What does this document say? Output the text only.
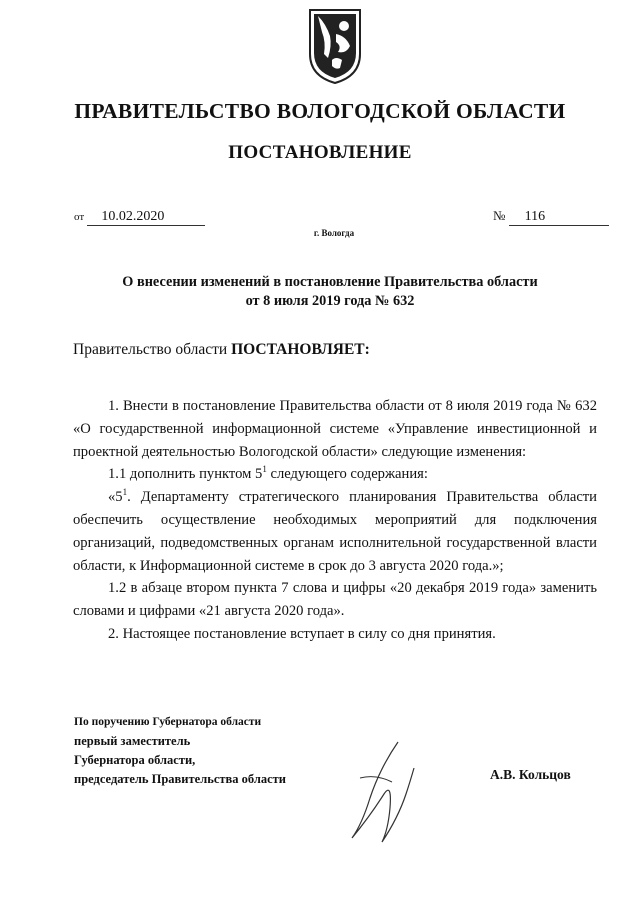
ПРАВИТЕЛЬСТВО ВОЛОГОДСКОЙ ОБЛАСТИ
ПОСТАНОВЛЕНИЕ
от 10.02.2020	№ 116
г. Вологда
О внесении изменений в постановление Правительства области
от 8 июля 2019 года № 632
Правительство области ПОСТАНОВЛЯЕТ:

1. Внести в постановление Правительства области от 8 июля 2019 года № 632 «О государственной информационной системе «Управление инвестиционной и проектной деятельностью Вологодской области» следующие изменения:

1.1 дополнить пунктом $5^1$ следующего содержания:

«$5^1$. Департаменту стратегического планирования Правительства области обеспечить осуществление необходимых мероприятий для подключения организаций, подведомственных органам исполнительной государственной власти области, к Информационной системе в срок до 3 августа 2020 года.»;

1.2 в абзаце втором пункта 7 слова и цифры «20 декабря 2019 года» заменить словами и цифрами «21 августа 2020 года».

2. Настоящее постановление вступает в силу со дня принятия.

По поручению Губернатора области
первый заместитель
Губернатора области,
председатель Правительства области	А.В. Кольцов
